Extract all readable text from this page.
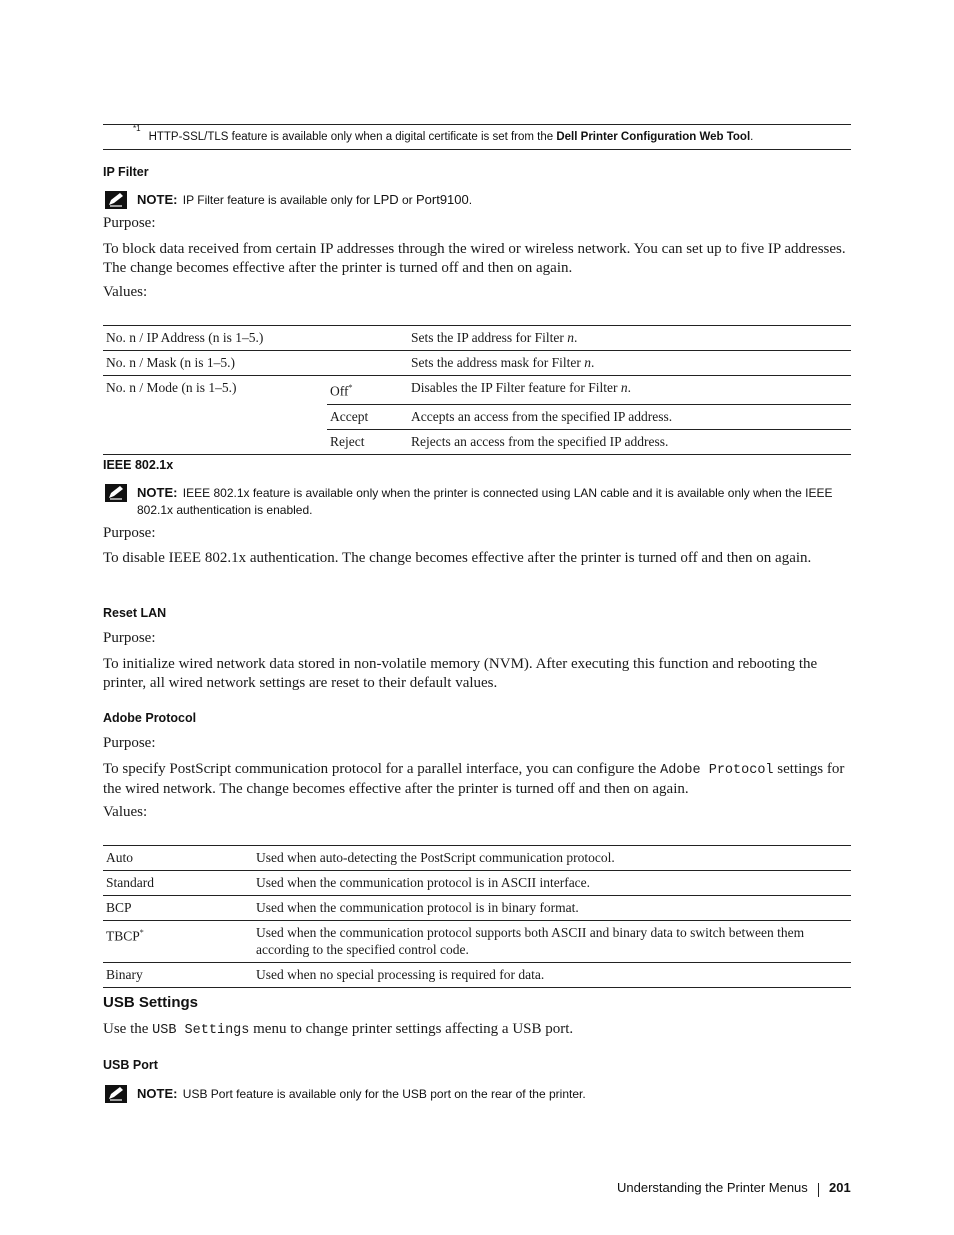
$^{*1}$HTTP-SSL/TLS feature is available only when a digital certificate is set from the Dell Printer Configuration Web Tool.
IP Filter
NOTE: IP Filter feature is available only for LPD or Port9100.
Purpose:
To block data received from certain IP addresses through the wired or wireless network. You can set up to five IP addresses. The change becomes effective after the printer is turned off and then on again.
Values:
No. n / IP Address (n is 1–5.)		Sets the IP address for Filter n.
No. n / Mask (n is 1–5.)		Sets the address mask for Filter n.
No. n / Mode (n is 1–5.)	Off*	Disables the IP Filter feature for Filter n.
	Accept	Accepts an access from the specified IP address.
	Reject	Rejects an access from the specified IP address.
IEEE 802.1x
NOTE: IEEE 802.1x feature is available only when the printer is connected using LAN cable and it is available only when the IEEE 802.1x authentication is enabled.
Purpose:
To disable IEEE 802.1x authentication. The change becomes effective after the printer is turned off and then on again.
Reset LAN
Purpose:
To initialize wired network data stored in non-volatile memory (NVM). After executing this function and rebooting the printer, all wired network settings are reset to their default values.
Adobe Protocol
Purpose:
To specify PostScript communication protocol for a parallel interface, you can configure the Adobe Protocol settings for the wired network. The change becomes effective after the printer is turned off and then on again.
Values:
Auto	Used when auto-detecting the PostScript communication protocol.
Standard	Used when the communication protocol is in ASCII interface.
BCP	Used when the communication protocol is in binary format.
TBCP*	Used when the communication protocol supports both ASCII and binary data to switch between them according to the specified control code.
Binary	Used when no special processing is required for data.
USB Settings
Use the USB Settings menu to change printer settings affecting a USB port.
USB Port
NOTE: USB Port feature is available only for the USB port on the rear of the printer.
Understanding the Printer Menus 201
